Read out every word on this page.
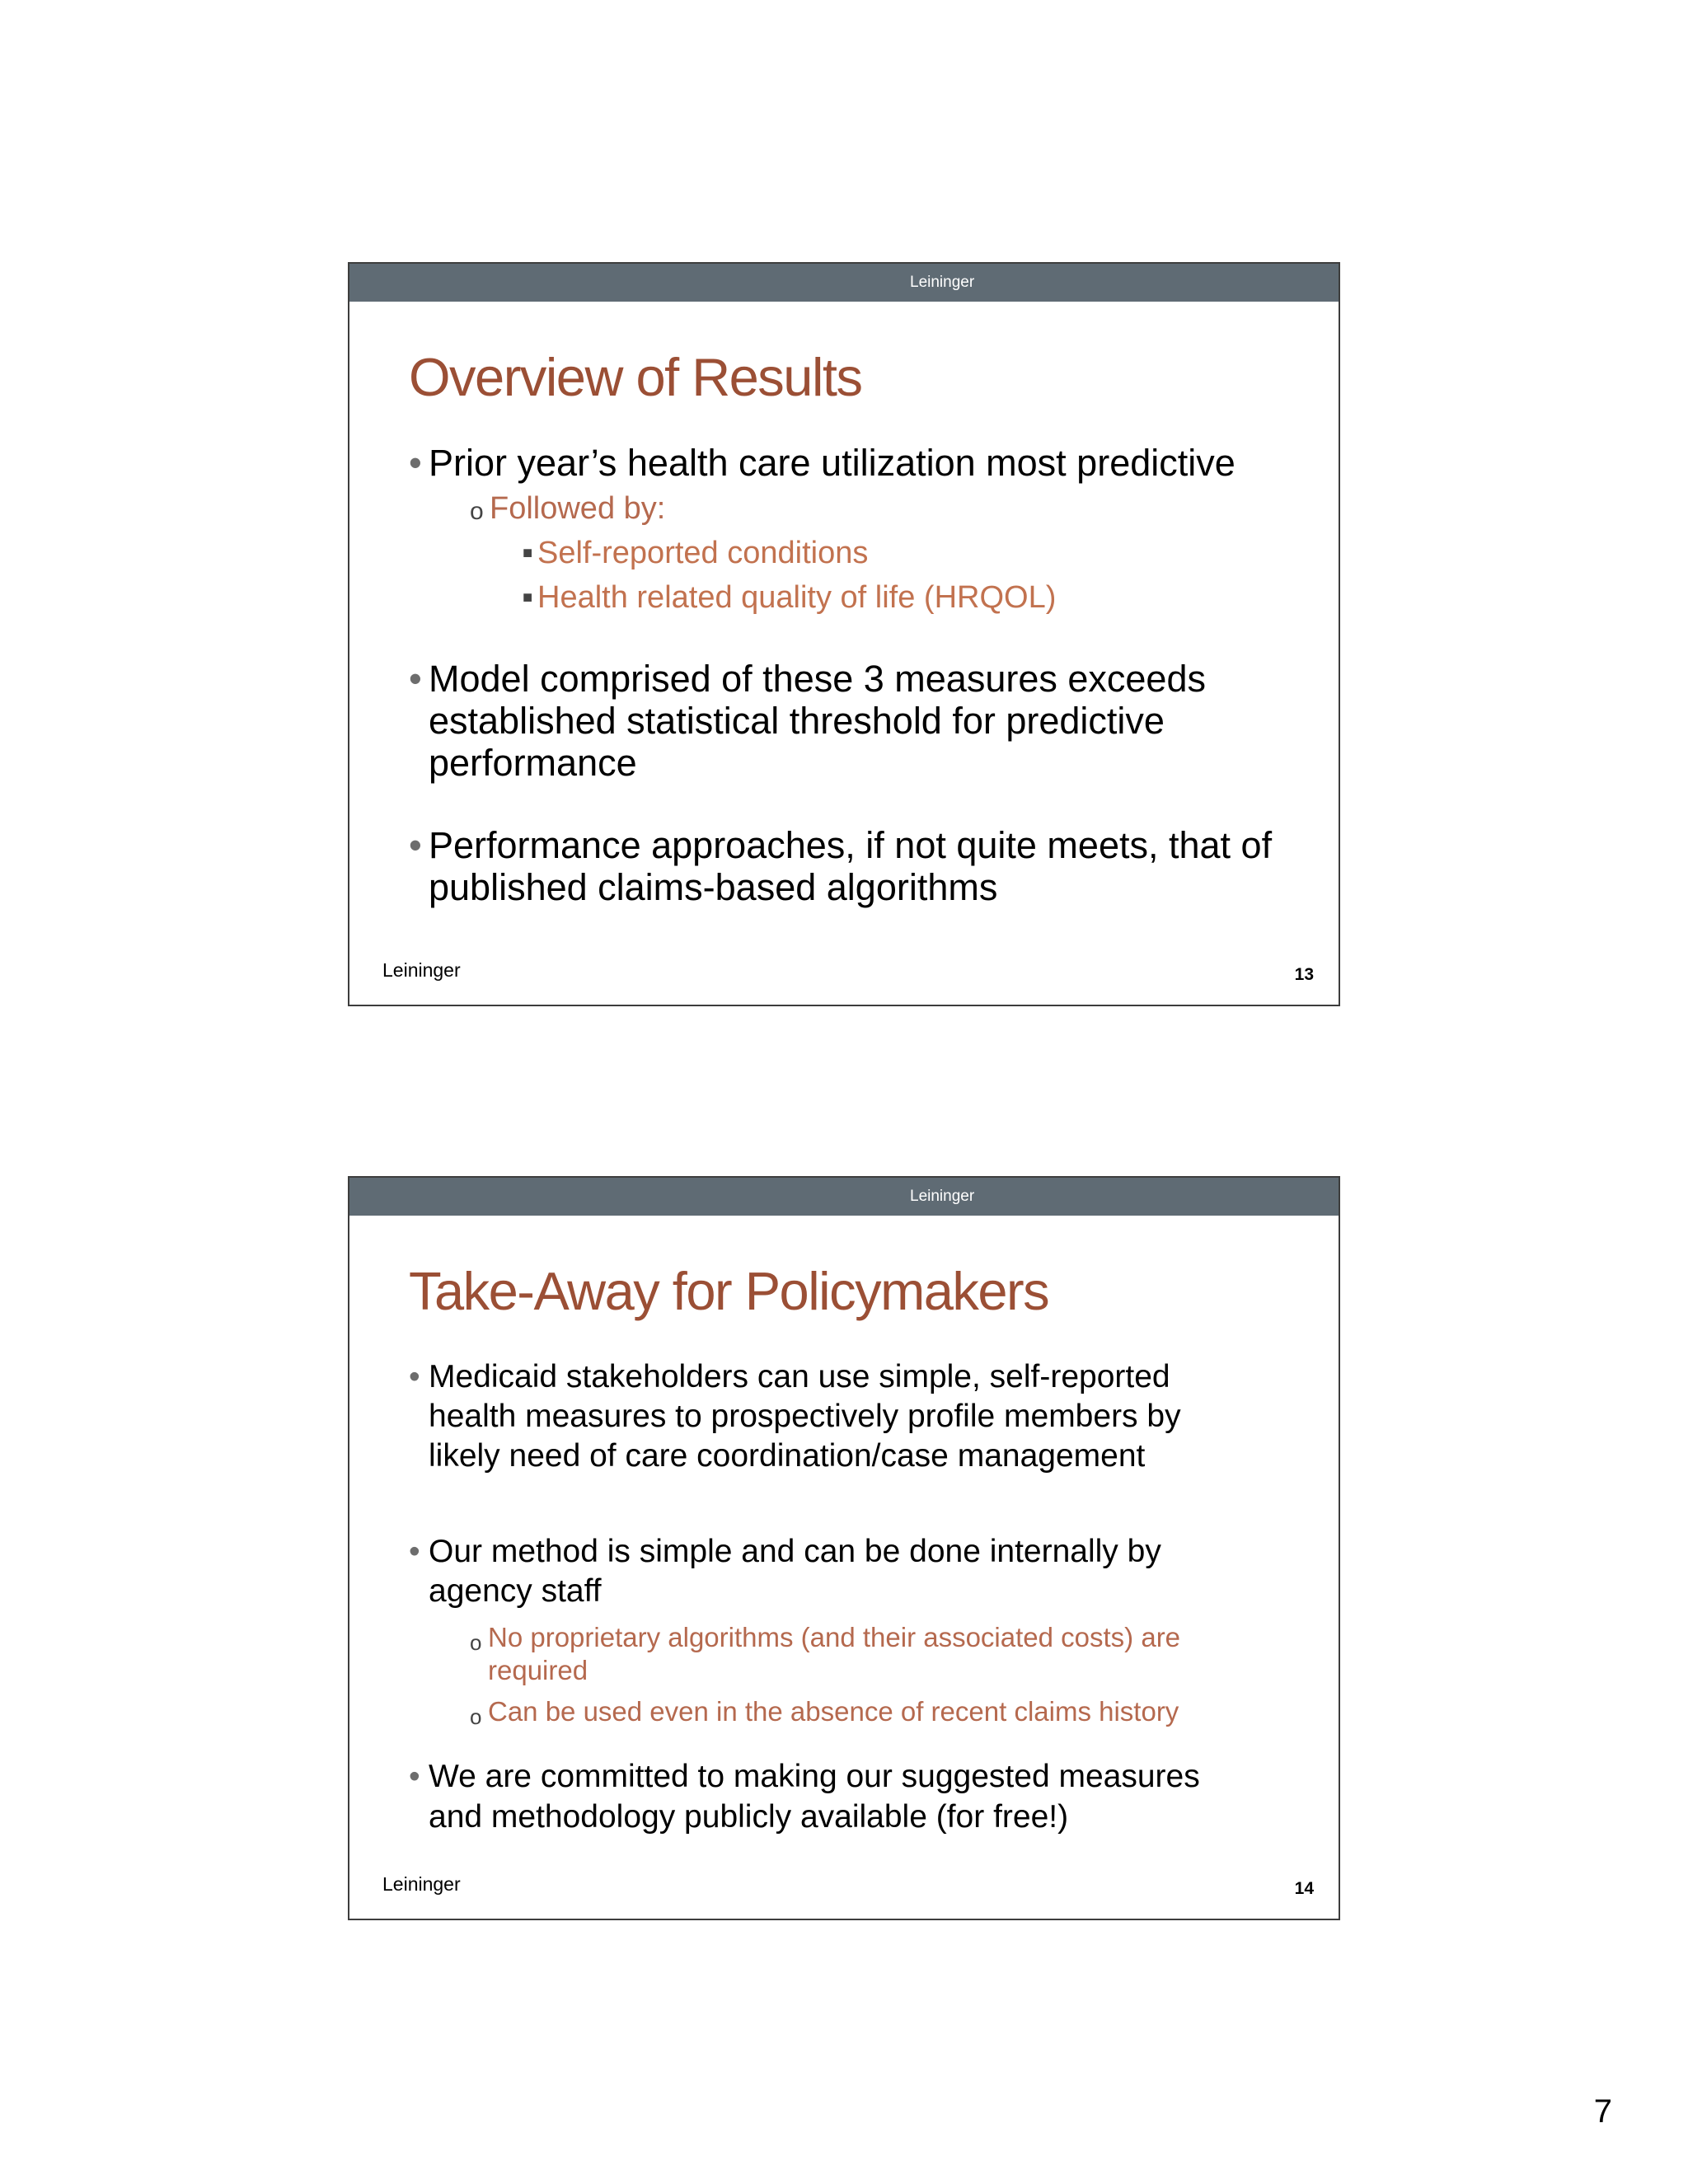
Leininger
Overview of Results
• Prior year’s health care utilization most predictive
o Followed by:
■ Self-reported conditions
■ Health related quality of life (HRQOL)
• Model comprised of these 3 measures exceeds established statistical threshold for predictive performance
• Performance approaches, if not quite meets, that of published claims-based algorithms
Leininger	13
Leininger
Take-Away for Policymakers
• Medicaid stakeholders can use simple, self-reported health measures to prospectively profile members by likely need of care coordination/case management
• Our method is simple and can be done internally by agency staff
o No proprietary algorithms (and their associated costs) are required
o Can be used even in the absence of recent claims history
• We are committed to making our suggested measures and methodology publicly available (for free!)
Leininger	14
7
